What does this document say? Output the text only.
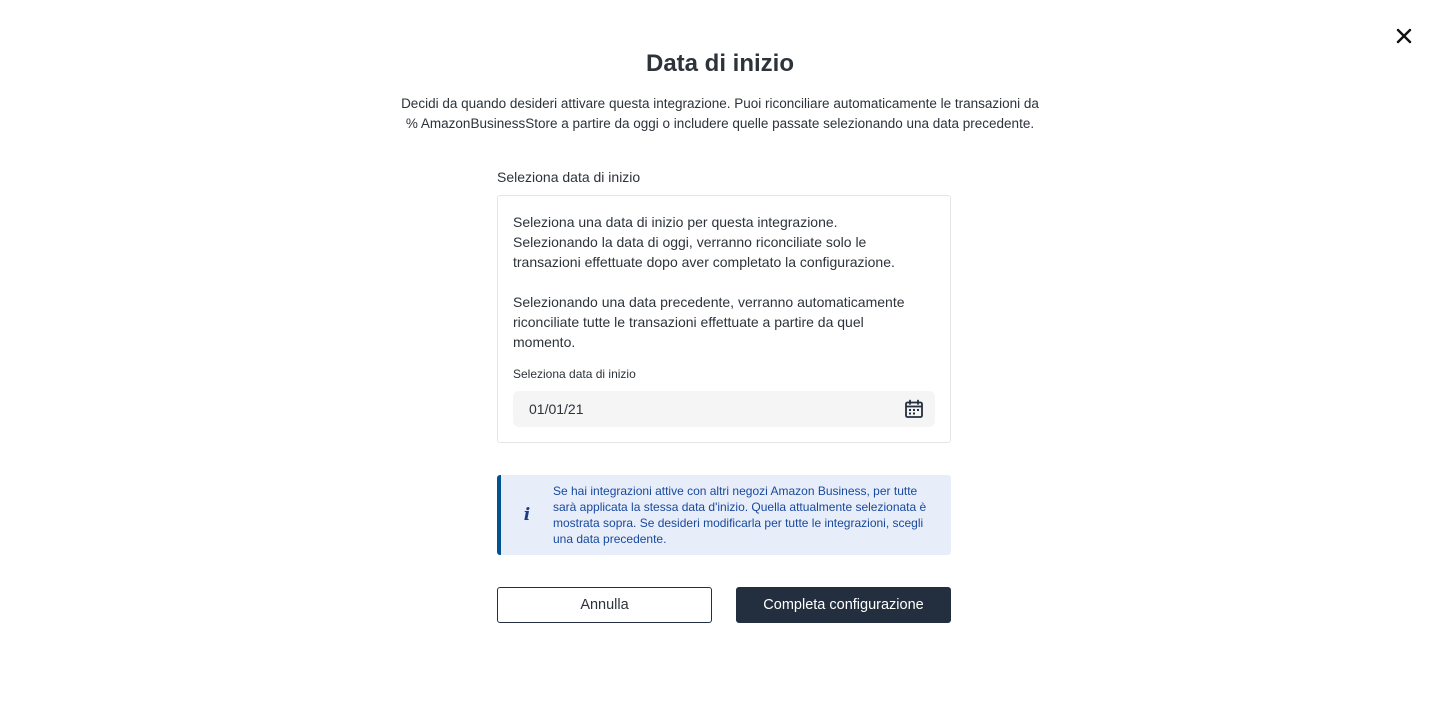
Data di inizio
Decidi da quando desideri attivare questa integrazione. Puoi riconciliare automaticamente le transazioni da
% AmazonBusinessStore a partire da oggi o includere quelle passate selezionando una data precedente.
Seleziona data di inizio
Seleziona una data di inizio per questa integrazione.
Selezionando la data di oggi, verranno riconciliate solo le
transazioni effettuate dopo aver completato la configurazione.
Selezionando una data precedente, verranno automaticamente
riconciliate tutte le transazioni effettuate a partire da quel
momento.
Seleziona data di inizio
01/01/21
i
Se hai integrazioni attive con altri negozi Amazon Business, per tutte sarà applicata la stessa data d'inizio. Quella attualmente selezionata è mostrata sopra. Se desideri modificarla per tutte le integrazioni, scegli una data precedente.
Annulla	Completa configurazione
